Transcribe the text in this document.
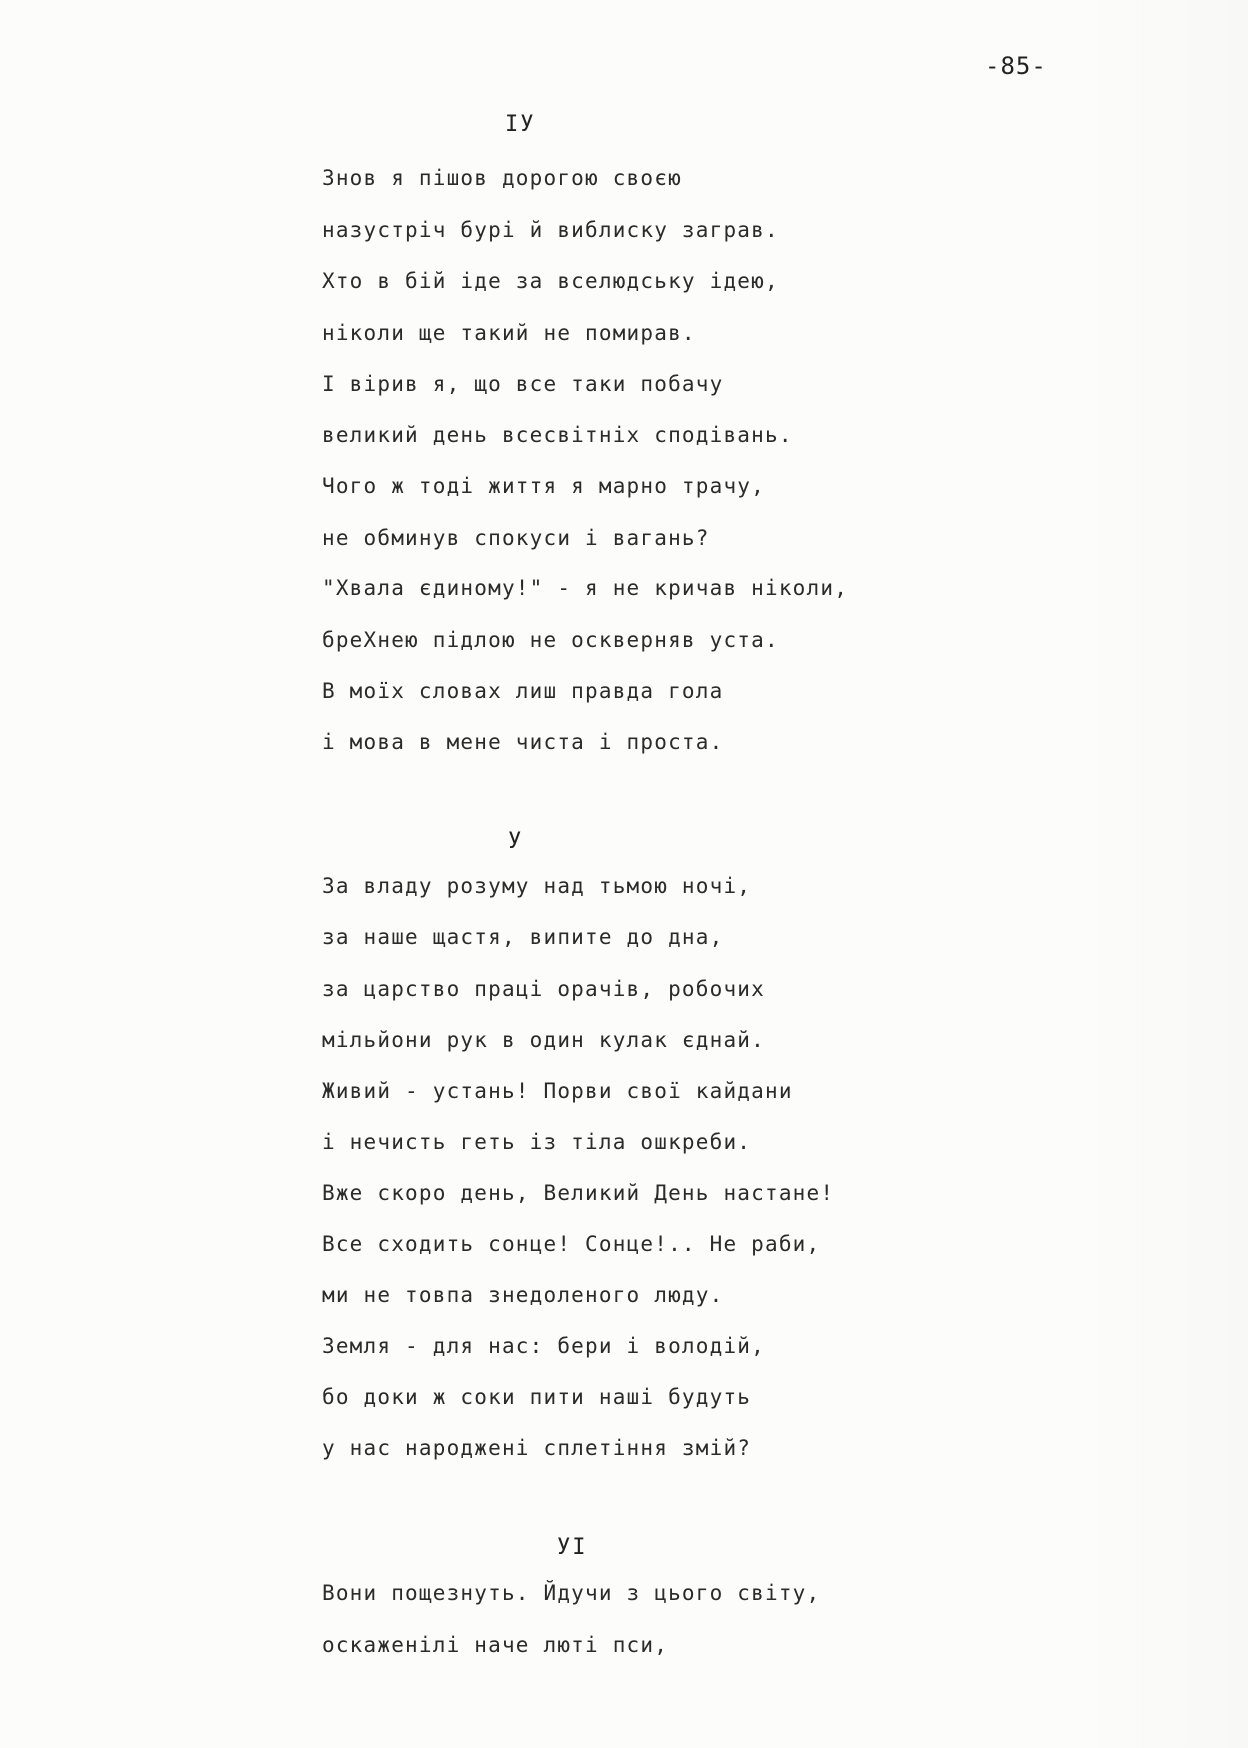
-85-
IУ
Знов я пішов дорогою своєю
назустріч бурі й виблиску заграв.
Хто в бій іде за вселюдську ідею,
ніколи ще такий не помирав.
І вірив я, що все таки побачу
великий день всесвітніх сподівань.
Чого ж тоді життя я марно трачу,
не обминув спокуси і вагань?
"Хвала єдиному!" - я не кричав ніколи,
бреХнею підлою не оскверняв уста.
В моїх словах лиш правда гола
і мова в мене чиста і проста.
У
За владу розуму над тьмою ночі,
за наше щастя, випите до дна,
за царство праці орачів, робочих
мільйони рук в один кулак єднай.
Живий - устань! Порви свої кайдани
і нечисть геть із тіла ошкреби.
Вже скоро день, Великий День настане!
Все сходить сонце! Сонце!.. Не раби,
ми не товпа знедоленого люду.
Земля - для нас: бери і володій,
бо доки ж соки пити наші будуть
у нас народжені сплетіння змій?
УІ
Вони пощезнуть. Йдучи з цього світу,
оскаженілі наче люті пси,
